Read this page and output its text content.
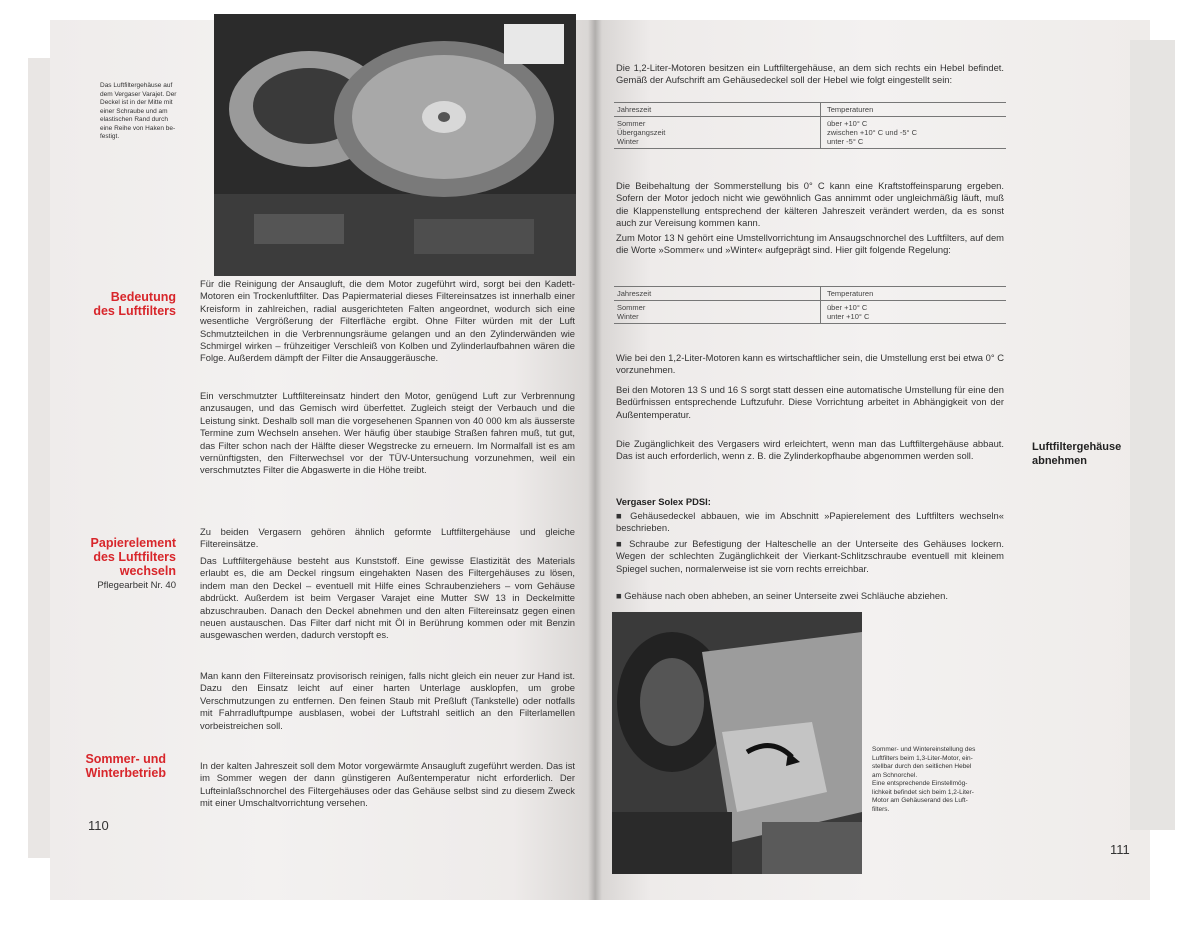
Das Luftfiltergehäuse auf
dem Vergaser Varajet. Der
Deckel ist in der Mitte mit
einer Schraube und am
elastischen Rand durch
eine Reihe von Haken be-
festigt.
Bedeutung
des Luftfilters
Für die Reinigung der Ansaugluft, die dem Motor zugeführt wird, sorgt bei den Kadett-Motoren ein Trockenluftfilter. Das Papiermaterial dieses Filtereinsatzes ist innerhalb einer Kreisform in zahlreichen, radial ausgerichteten Falten angeordnet, wodurch sich eine wesentliche Vergrößerung der Filterfläche ergibt. Ohne Filter würden mit der Luft Schmutzteilchen in die Verbrennungsräume gelangen und an den Zylinderwänden wie Schmirgel wirken – frühzeitiger Verschleiß von Kolben und Zylinderlaufbahnen wären die Folge. Außerdem dämpft der Filter die Ansauggeräusche.
Ein verschmutzter Luftfiltereinsatz hindert den Motor, genügend Luft zur Verbrennung anzusaugen, und das Gemisch wird überfettet. Zugleich steigt der Verbauch und die Leistung sinkt. Deshalb soll man die vorgesehenen Spannen von 40 000 km als äusserste Termine zum Wechseln ansehen. Wer häufig über staubige Straßen fahren muß, tut gut, das Filter schon nach der Hälfte dieser Wegstrecke zu erneuern. Im Normalfall ist es am vernünftigsten, den Filterwechsel vor der TÜV-Untersuchung vorzunehmen, weil ein verschmutztes Filter die Abgaswerte in die Höhe treibt.

Papierelement
des Luftfilters
wechseln

Pflegearbeit Nr. 40

Zu beiden Vergasern gehören ähnlich geformte Luftfiltergehäuse und gleiche Filtereinsätze.
Das Luftfiltergehäuse besteht aus Kunststoff. Eine gewisse Elastizität des Materials erlaubt es, die am Deckel ringsum eingehakten Nasen des Filtergehäuses zu lösen, indem man den Deckel – eventuell mit Hilfe eines Schraubenziehers – vom Gehäuse abdrückt. Außerdem ist beim Vergaser Varajet eine Mutter SW 13 in Deckelmitte abzuschrauben. Danach den Deckel abnehmen und den alten Filtereinsatz gegen einen neuen austauschen. Das Filter darf nicht mit Öl in Berührung kommen oder mit Benzin ausgewaschen werden, dadurch verstopft es.
Man kann den Filtereinsatz provisorisch reinigen, falls nicht gleich ein neuer zur Hand ist. Dazu den Einsatz leicht auf einer harten Unterlage ausklopfen, um grobe Verschmutzungen zu entfernen. Den feinen Staub mit Preßluft (Tankstelle) oder notfalls mit Fahrradluftpumpe ausblasen, wobei der Luftstrahl seitlich an den Filterlamellen vorbeistreichen soll.
Sommer- und
Winterbetrieb
In der kalten Jahreszeit soll dem Motor vorgewärmte Ansaugluft zugeführt werden. Das ist im Sommer wegen der dann günstigeren Außentemperatur nicht erforderlich. Der Lufteinlaßschnorchel des Filtergehäuses oder das Gehäuse selbst sind zu diesem Zweck mit einer Umschaltvorrichtung versehen.
110
Die 1,2-Liter-Motoren besitzen ein Luftfiltergehäuse, an dem sich rechts ein Hebel befindet. Gemäß der Aufschrift am Gehäusedeckel soll der Hebel wie folgt eingestellt sein:
Jahreszeit	Temperaturen
Sommer
Übergangszeit
Winter
über +10° C
zwischen +10° C und -5° C
unter -5° C
Die Beibehaltung der Sommerstellung bis 0° C kann eine Kraftstoffeinsparung ergeben. Sofern der Motor jedoch nicht wie gewöhnlich Gas annimmt oder ungleichmäßig läuft, muß die Klappenstellung entsprechend der kälteren Jahreszeit verändert werden, da es sonst auch zur Vereisung kommen kann.
Zum Motor 13 N gehört eine Umstellvorrichtung im Ansaugschnorchel des Luftfilters, auf dem die Worte »Sommer« und »Winter« aufgeprägt sind. Hier gilt folgende Regelung:
Jahreszeit	Temperaturen
Sommer
Winter
über +10° C
unter +10° C
Wie bei den 1,2-Liter-Motoren kann es wirtschaftlicher sein, die Umstellung erst bei etwa 0° C vorzunehmen.
Bei den Motoren 13 S und 16 S sorgt statt dessen eine automatische Umstellung für eine den Bedürfnissen entsprechende Luftzufuhr. Diese Vorrichtung arbeitet in Abhängigkeit von der Außentemperatur.
Luftfiltergehäuse
abnehmen
Die Zugänglichkeit des Vergasers wird erleichtert, wenn man das Luftfiltergehäuse abbaut. Das ist auch erforderlich, wenn z. B. die Zylinderkopfhaube abgenommen werden soll.
Vergaser Solex PDSI:
■ Gehäusedeckel abbauen, wie im Abschnitt »Papierelement des Luftfilters wechseln« beschrieben.
■ Schraube zur Befestigung der Halteschelle an der Unterseite des Gehäuses lockern. Wegen der schlechten Zugänglichkeit der Vierkant-Schlitzschraube eventuell mit kleinem Spiegel suchen, normalerweise ist sie vorn rechts erreichbar.
■ Gehäuse nach oben abheben, an seiner Unterseite zwei Schläuche abziehen.
Sommer- und Wintereinstellung des
Luftfilters beim 1,3-Liter-Motor, ein-
stellbar durch den seitlichen Hebel
am Schnorchel.
Eine entsprechende Einstellmög-
lichkeit befindet sich beim 1,2-Liter-
Motor am Gehäuserand des Luft-
filters.
111
